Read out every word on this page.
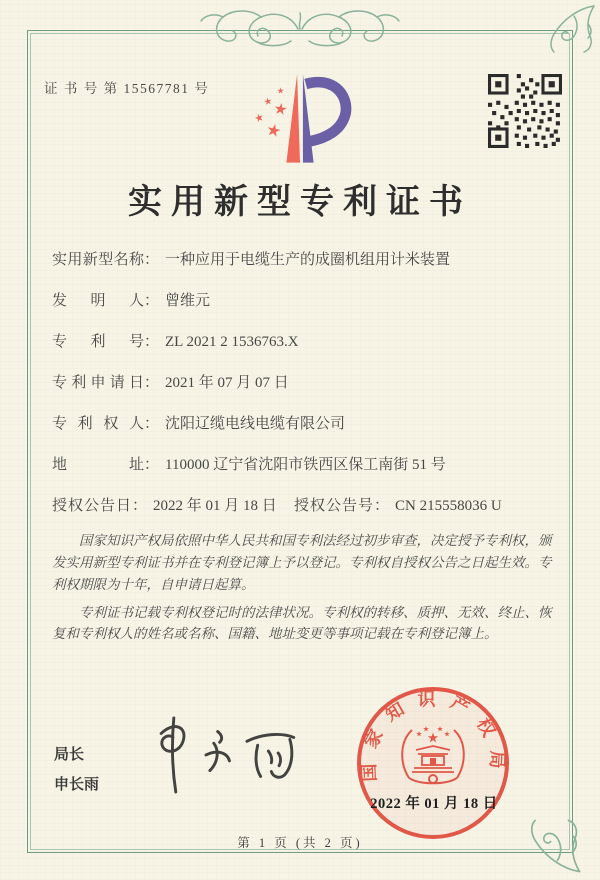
证 书 号 第 15567781 号
实用新型专利证书
实用新型名称： 一种应用于电缆生产的成圈机组用计米装置
发明人： 曾维元
专利号： ZL 2021 2 1536763.X
专利申请日： 2021 年 07 月 07 日
专利权人： 沈阳辽缆电线电缆有限公司
地址： 110000 辽宁省沈阳市铁西区保工南街 51 号
授权公告日： 2022 年 01 月 18 日 授权公告号： CN 215558036 U

国家知识产权局依照中华人民共和国专利法经过初步审查，决定授予专利权，颁发实用新型专利证书并在专利登记簿上予以登记。专利权自授权公告之日起生效。专利权期限为十年，自申请日起算。

专利证书记载专利权登记时的法律状况。专利权的转移、质押、无效、终止、恢复和专利权人的姓名或名称、国籍、地址变更等事项记载在专利登记簿上。

局长
申长雨
国家知识产权局
2022 年 01 月 18 日
第 1 页 (共 2 页)
